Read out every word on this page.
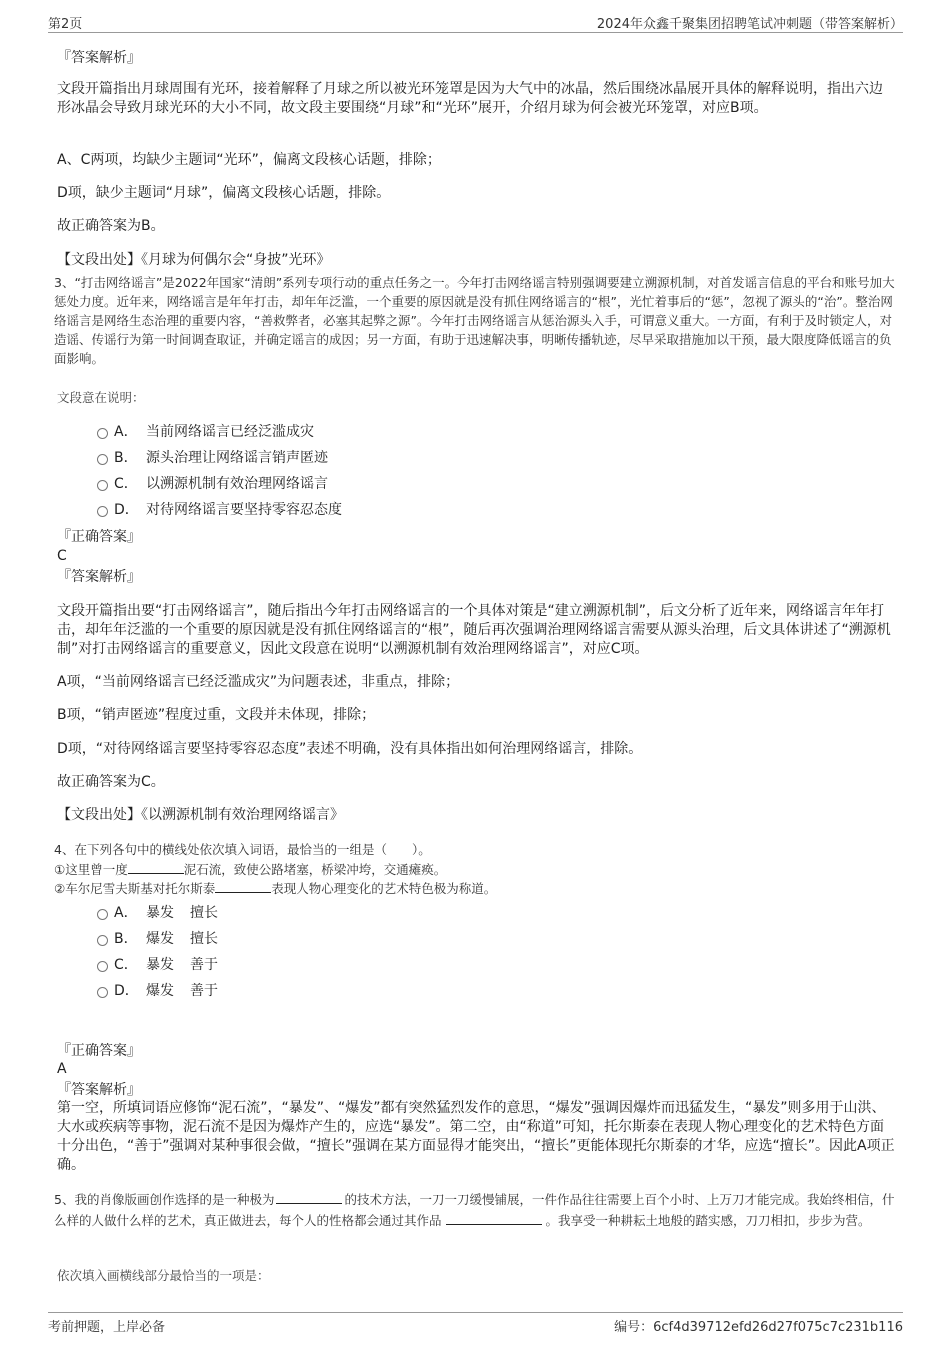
第2页	2024年众鑫千聚集团招聘笔试冲刺题（带答案解析）
『答案解析』
文段开篇指出月球周围有光环，接着解释了月球之所以被光环笼罩是因为大气中的冰晶，然后围绕冰晶展开具体的解释说明，指出六边形冰晶会导致月球光环的大小不同，故文段主要围绕“月球”和“光环”展开，介绍月球为何会被光环笼罩，对应B项。
A、C两项，均缺少主题词“光环”，偏离文段核心话题，排除；
D项，缺少主题词“月球”，偏离文段核心话题，排除。
故正确答案为B。
【文段出处】《月球为何偶尔会“身披”光环》
3、“打击网络谣言”是2022年国家“清朗”系列专项行动的重点任务之一。今年打击网络谣言特别强调要建立溯源机制，对首发谣言信息的平台和账号加大惩处力度。近年来，网络谣言是年年打击，却年年泛滥，一个重要的原因就是没有抓住网络谣言的“根”，光忙着事后的“惩”，忽视了源头的“治”。整治网络谣言是网络生态治理的重要内容，“善救弊者，必塞其起弊之源”。今年打击网络谣言从惩治源头入手，可谓意义重大。一方面，有利于及时锁定人，对造谣、传谣行为第一时间调查取证，并确定谣言的成因；另一方面，有助于迅速解决事，明晰传播轨迹，尽早采取措施加以干预，最大限度降低谣言的负面影响。
文段意在说明：
A． 当前网络谣言已经泛滥成灾
B． 源头治理让网络谣言销声匿迹
C． 以溯源机制有效治理网络谣言
D． 对待网络谣言要坚持零容忍态度
『正确答案』
C
『答案解析』
文段开篇指出要“打击网络谣言”，随后指出今年打击网络谣言的一个具体对策是“建立溯源机制”，后文分析了近年来，网络谣言年年打击，却年年泛滥的一个重要的原因就是没有抓住网络谣言的“根”，随后再次强调治理网络谣言需要从源头治理，后文具体讲述了“溯源机制”对打击网络谣言的重要意义，因此文段意在说明“以溯源机制有效治理网络谣言”，对应C项。
A项，“当前网络谣言已经泛滥成灾”为问题表述，非重点，排除；
B项，“销声匿迹”程度过重，文段并未体现，排除；
D项，“对待网络谣言要坚持零容忍态度”表述不明确，没有具体指出如何治理网络谣言，排除。
故正确答案为C。
【文段出处】《以溯源机制有效治理网络谣言》
4、在下列各句中的横线处依次填入词语，最恰当的一组是（　　）。
①这里曾一度	泥石流，致使公路堵塞，桥梁冲垮，交通瘫痪。
②车尔尼雪夫斯基对托尔斯泰	表现人物心理变化的艺术特色极为称道。
A． 暴发 擅长
B． 爆发 擅长
C． 暴发 善于
D． 爆发 善于
『正确答案』
A
『答案解析』
第一空，所填词语应修饰“泥石流”，“暴发”、“爆发”都有突然猛烈发作的意思，“爆发”强调因爆炸而迅猛发生，“暴发”则多用于山洪、大水或疾病等事物，泥石流不是因为爆炸产生的，应选“暴发”。第二空，由“称道”可知，托尔斯泰在表现人物心理变化的艺术特色方面十分出色，“善于”强调对某种事很会做，“擅长”强调在某方面显得才能突出，“擅长”更能体现托尔斯泰的才华，应选“擅长”。因此A项正确。
5、我的肖像版画创作选择的是一种极为	的技术方法，一刀一刀缓慢铺展，一件作品往往需要上百个小时、上万刀才能完成。我始终相信，什么样的人做什么样的艺术，真正做进去，每个人的性格都会通过其作品	。我享受一种耕耘土地般的踏实感，刀刀相扣，步步为营。
依次填入画横线部分最恰当的一项是：
考前押题，上岸必备	编号：6cf4d39712efd26d27f075c7c231b116
